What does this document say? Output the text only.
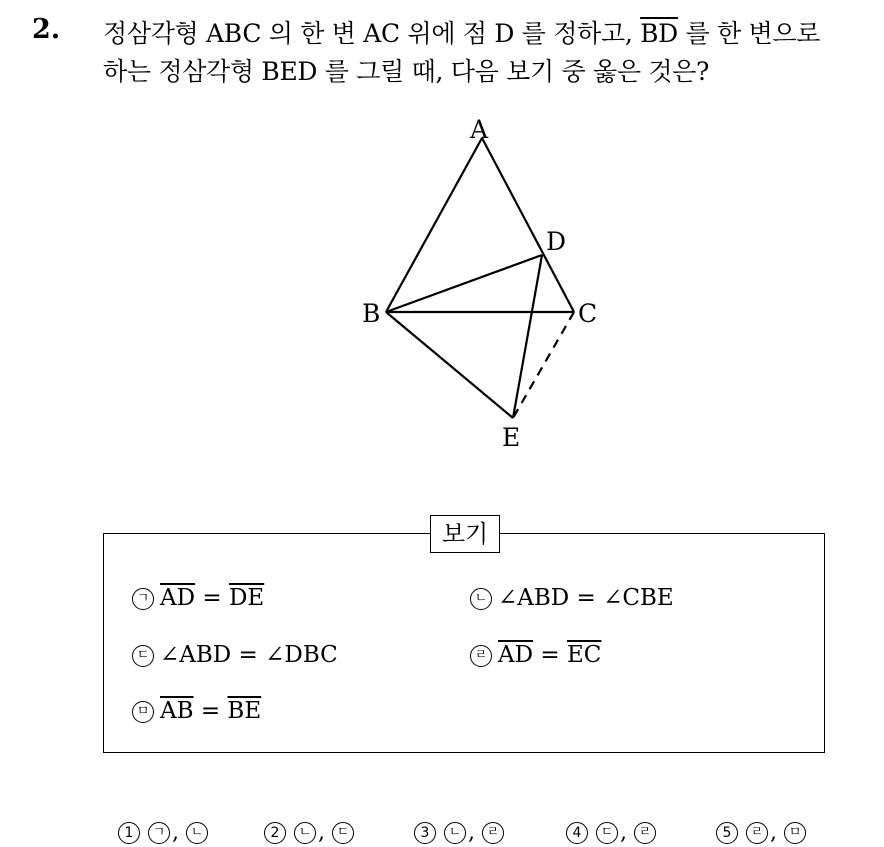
2. 정삼각형 ABC 의 한 변 AC 위에 점 D 를 정하고, $\overline{BD}$ 를 한 변으로
하는 정삼각형 BED 를 그릴 때, 다음 보기 중 옳은 것은?
A
B	C
D
E
보기
ㄱ $\overline{AD} = \overline{DE}$	ㄴ ∠ABD = ∠CBE
ㄷ ∠ABD = ∠DBC	ㄹ $\overline{AD} = \overline{EC}$
ㅁ $\overline{AB} = \overline{BE}$
1 ㄱ , ㄴ	2 ㄴ , ㄷ	3 ㄴ , ㄹ	4 ㄷ , ㄹ	5 ㄹ , ㅁ
